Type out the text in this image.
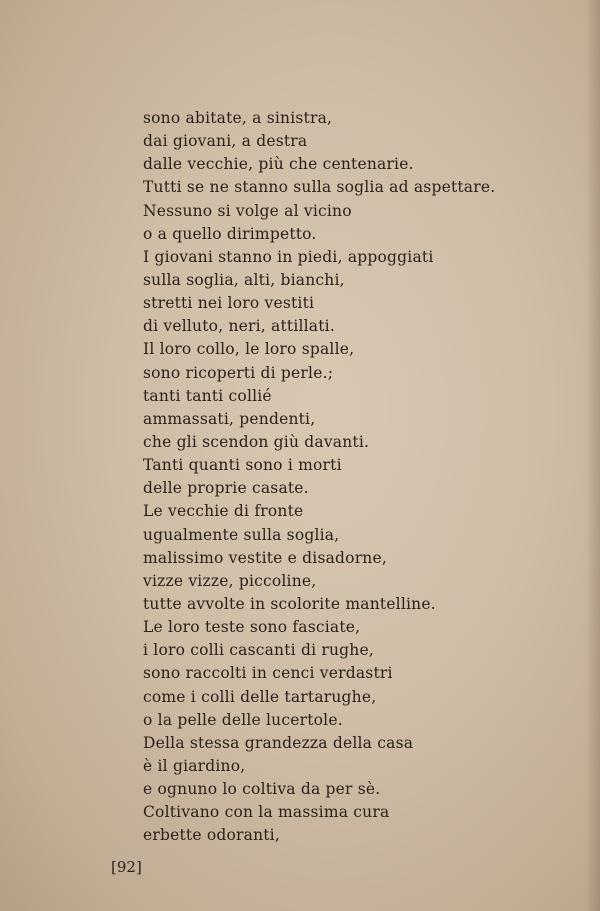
sono abitate, a sinistra,
dai giovani, a destra
dalle vecchie, più che centenarie.
Tutti se ne stanno sulla soglia ad aspettare.
Nessuno si volge al vicino
o a quello dirimpetto.
I giovani stanno in piedi, appoggiati
sulla soglia, alti, bianchi,
stretti nei loro vestiti
di velluto, neri, attillati.
Il loro collo, le loro spalle,
sono ricoperti di perle.;
tanti tanti collié
ammassati, pendenti,
che gli scendon giù davanti.
Tanti quanti sono i morti
delle proprie casate.
Le vecchie di fronte
ugualmente sulla soglia,
malissimo vestite e disadorne,
vizze vizze, piccoline,
tutte avvolte in scolorite mantelline.
Le loro teste sono fasciate,
i loro colli cascanti di rughe,
sono raccolti in cenci verdastri
come i colli delle tartarughe,
o la pelle delle lucertole.
Della stessa grandezza della casa
è il giardino,
e ognuno lo coltiva da per sè.
Coltivano con la massima cura
erbette odoranti,
[92]
